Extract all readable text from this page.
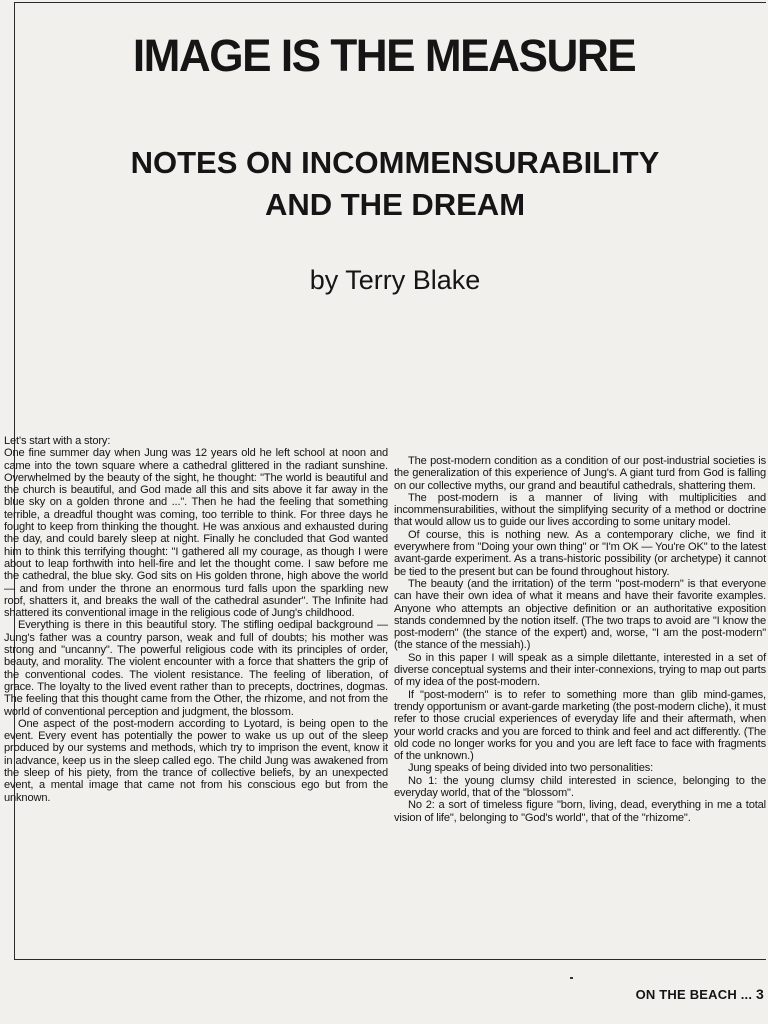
IMAGE IS THE MEASURE
NOTES ON INCOMMENSURABILITY
AND THE DREAM
by Terry Blake

Let's start with a story:

One fine summer day when Jung was 12 years old he left school at noon and came into the town square where a cathedral glittered in the radiant sunshine. Overwhelmed by the beauty of the sight, he thought: "The world is beautiful and the church is beautiful, and God made all this and sits above it far away in the blue sky on a golden throne and ...". Then he had the feeling that something terrible, a dreadful thought was coming, too terrible to think. For three days he fought to keep from thinking the thought. He was anxious and exhausted during the day, and could barely sleep at night. Finally he concluded that God wanted him to think this terrifying thought: "I gathered all my courage, as though I were about to leap forthwith into hell-fire and let the thought come. I saw before me the cathedral, the blue sky. God sits on His golden throne, high above the world — and from under the throne an enormous turd falls upon the sparkling new roof, shatters it, and breaks the wall of the cathedral asunder". The Infinite had shattered its conventional image in the religious code of Jung's childhood.

Everything is there in this beautiful story. The stifling oedipal background — Jung's father was a country parson, weak and full of doubts; his mother was strong and "uncanny". The powerful religious code with its principles of order, beauty, and morality. The violent encounter with a force that shatters the grip of the conventional codes. The violent resistance. The feeling of liberation, of grace. The loyalty to the lived event rather than to precepts, doctrines, dogmas. The feeling that this thought came from the Other, the rhizome, and not from the world of conventional perception and judgment, the blossom.

One aspect of the post-modern according to Lyotard, is being open to the event. Every event has potentially the power to wake us up out of the sleep produced by our systems and methods, which try to imprison the event, know it in advance, keep us in the sleep called ego. The child Jung was awakened from the sleep of his piety, from the trance of collective beliefs, by an unexpected event, a mental image that came not from his conscious ego but from the unknown.

The post-modern condition as a condition of our post-industrial societies is the generalization of this experience of Jung's. A giant turd from God is falling on our collective myths, our grand and beautiful cathedrals, shattering them.

The post-modern is a manner of living with multiplicities and incommensurabilities, without the simplifying security of a method or doctrine that would allow us to guide our lives according to some unitary model.

Of course, this is nothing new. As a contemporary cliche, we find it everywhere from "Doing your own thing" or "I'm OK — You're OK" to the latest avant-garde experiment. As a trans-historic possibility (or archetype) it cannot be tied to the present but can be found throughout history.

The beauty (and the irritation) of the term "post-modern" is that everyone can have their own idea of what it means and have their favorite examples. Anyone who attempts an objective definition or an authoritative exposition stands condemned by the notion itself. (The two traps to avoid are "I know the post-modern" (the stance of the expert) and, worse, "I am the post-modern" (the stance of the messiah).)

So in this paper I will speak as a simple dilettante, interested in a set of diverse conceptual systems and their inter-connexions, trying to map out parts of my idea of the post-modern.

If "post-modern" is to refer to something more than glib mind-games, trendy opportunism or avant-garde marketing (the post-modern cliche), it must refer to those crucial experiences of everyday life and their aftermath, when your world cracks and you are forced to think and feel and act differently. (The old code no longer works for you and you are left face to face with fragments of the unknown.)

Jung speaks of being divided into two personalities:

No 1: the young clumsy child interested in science, belonging to the everyday world, that of the "blossom".

No 2: a sort of timeless figure "born, living, dead, everything in me a total vision of life", belonging to "God's world", that of the "rhizome".

ON THE BEACH ... 3
